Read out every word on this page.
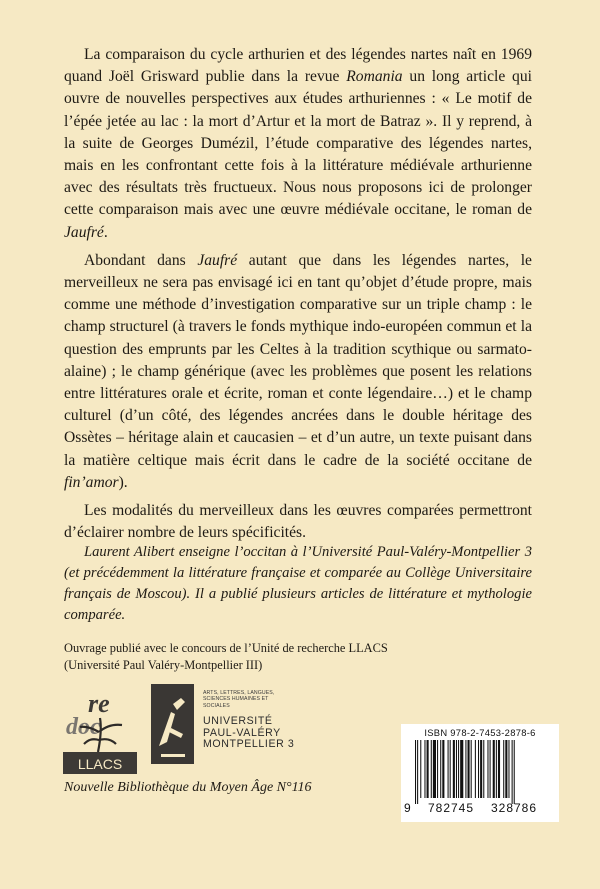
La comparaison du cycle arthurien et des légendes nartes naît en 1969 quand Joël Grisward publie dans la revue Romania un long article qui ouvre de nouvelles perspectives aux études arthuriennes : « Le motif de l’épée jetée au lac : la mort d’Artur et la mort de Batraz ». Il y reprend, à la suite de Georges Dumézil, l’étude comparative des légendes nartes, mais en les confrontant cette fois à la littérature médiévale arthurienne avec des résultats très fructueux. Nous nous proposons ici de prolonger cette comparaison mais avec une œuvre médiévale occitane, le roman de Jaufré.

Abondant dans Jaufré autant que dans les légendes nartes, le merveilleux ne sera pas envisagé ici en tant qu’objet d’étude propre, mais comme une méthode d’investigation comparative sur un triple champ : le champ structurel (à travers le fonds mythique indo-européen commun et la question des emprunts par les Celtes à la tradition scythique ou sarmato-alaine) ; le champ générique (avec les problèmes que posent les relations entre littératures orale et écrite, roman et conte légendaire…) et le champ culturel (d’un côté, des légendes ancrées dans le double héritage des Ossètes – héritage alain et caucasien – et d’un autre, un texte puisant dans la matière celtique mais écrit dans le cadre de la société occitane de fin’amor).

Les modalités du merveilleux dans les œuvres comparées permettront d’éclairer nombre de leurs spécificités.

Laurent Alibert enseigne l’occitan à l’Université Paul-Valéry-Montpellier 3 (et précédemment la littérature française et comparée au Collège Universitaire français de Moscou). Il a publié plusieurs articles de littérature et mythologie comparée.

Ouvrage publié avec le concours de l’Unité de recherche LLACS
(Université Paul Valéry-Montpellier III)
re
doc
LLACS
ARTS, LETTRES, LANGUES,
SCIENCES HUMAINES ET
SOCIALES
UNIVERSITÉ
PAUL-VALÉRY
MONTPELLIER 3
Nouvelle Bibliothèque du Moyen Âge N°116
ISBN 978-2-7453-2878-6
9 782745 328786
